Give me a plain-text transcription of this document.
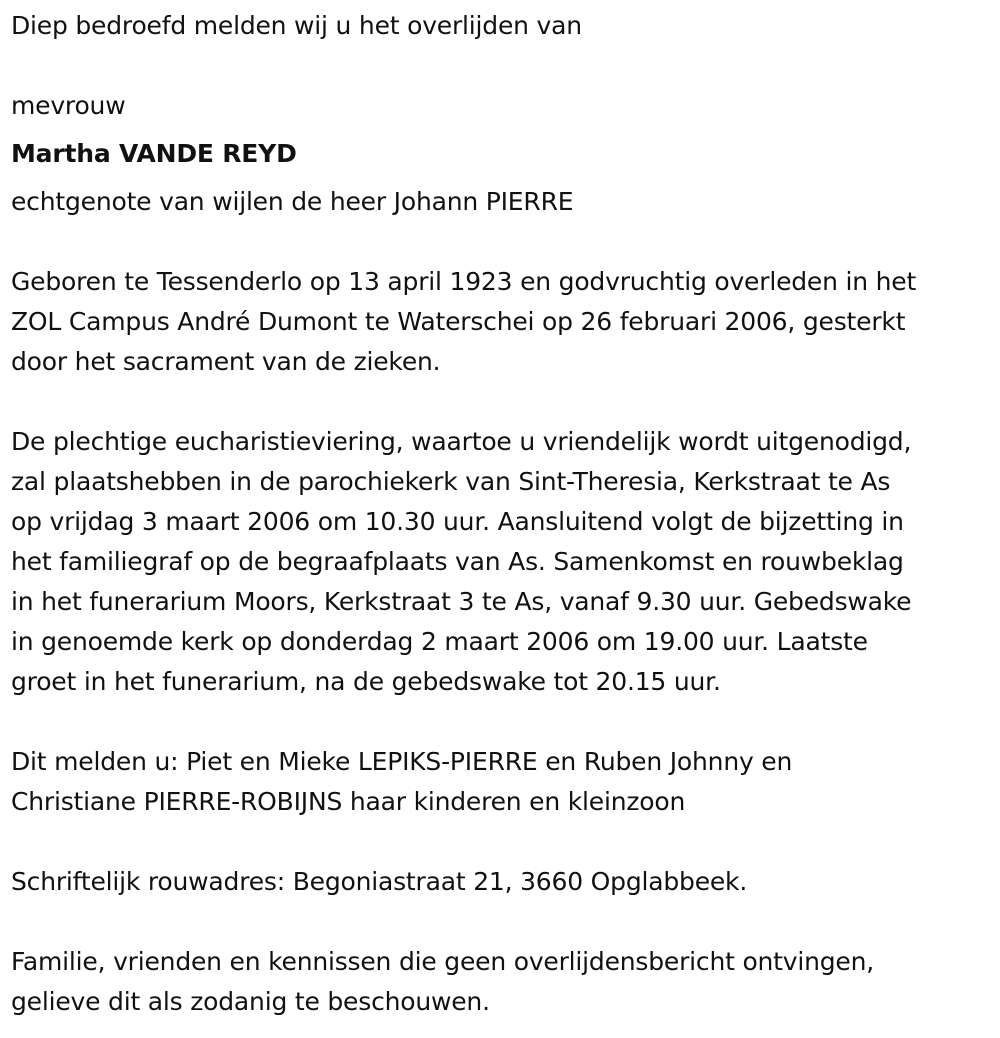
Diep bedroefd melden wij u het overlijden van

mevrouw

Martha VANDE REYD

echtgenote van wijlen de heer Johann PIERRE

Geboren te Tessenderlo op 13 april 1923 en godvruchtig overleden in het
ZOL Campus André Dumont te Waterschei op 26 februari 2006, gesterkt
door het sacrament van de zieken.

De plechtige eucharistieviering, waartoe u vriendelijk wordt uitgenodigd,
zal plaatshebben in de parochiekerk van Sint-Theresia, Kerkstraat te As
op vrijdag 3 maart 2006 om 10.30 uur. Aansluitend volgt de bijzetting in
het familiegraf op de begraafplaats van As. Samenkomst en rouwbeklag
in het funerarium Moors, Kerkstraat 3 te As, vanaf 9.30 uur. Gebedswake
in genoemde kerk op donderdag 2 maart 2006 om 19.00 uur. Laatste
groet in het funerarium, na de gebedswake tot 20.15 uur.

Dit melden u: Piet en Mieke LEPIKS-PIERRE en Ruben Johnny en
Christiane PIERRE-ROBIJNS haar kinderen en kleinzoon

Schriftelijk rouwadres: Begoniastraat 21, 3660 Opglabbeek.

Familie, vrienden en kennissen die geen overlijdensbericht ontvingen,
gelieve dit als zodanig te beschouwen.
